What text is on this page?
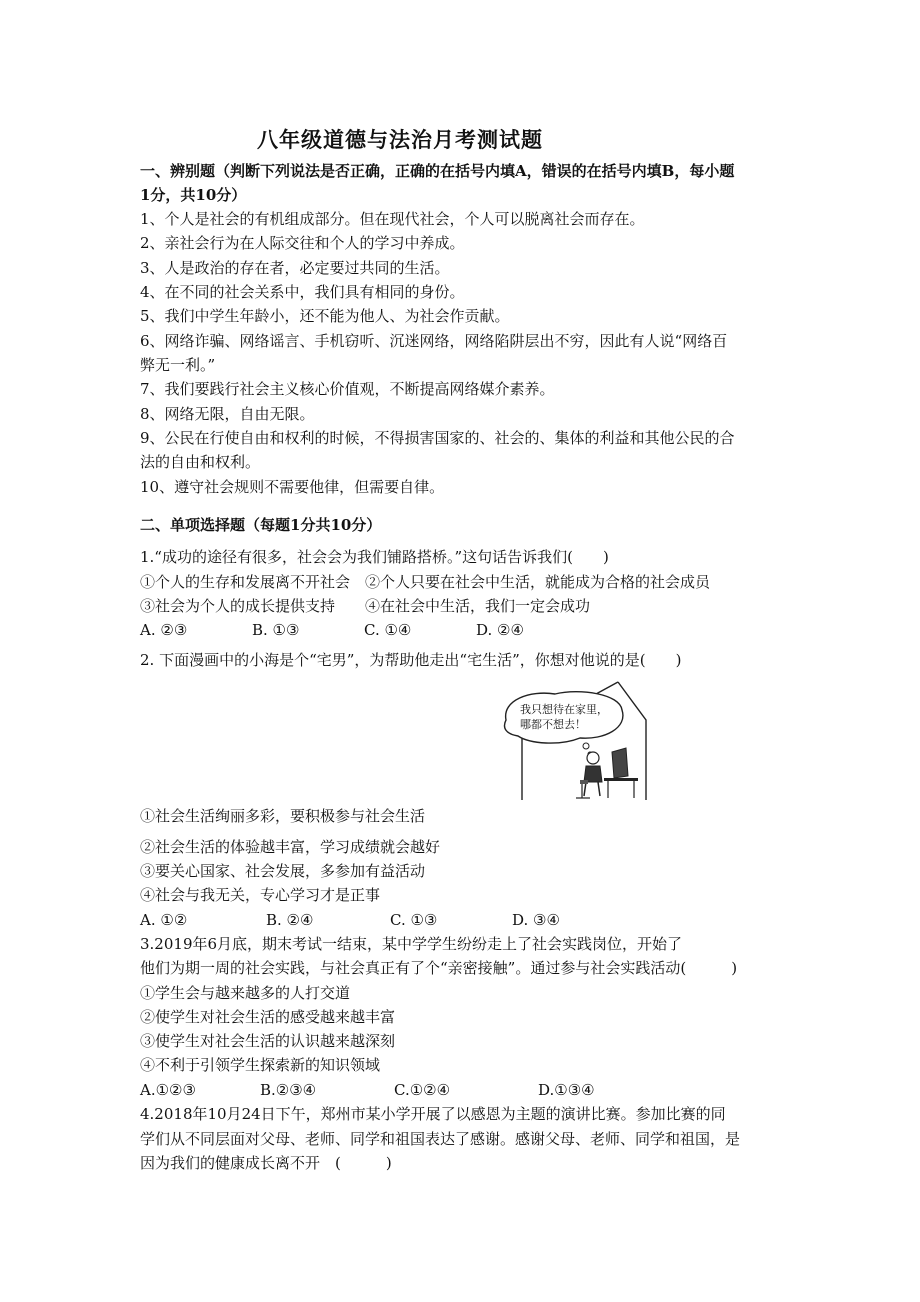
八年级道德与法治月考测试题
一、辨别题（判断下列说法是否正确，正确的在括号内填A，错误的在括号内填B，每小题
1分，共10分）
1、个人是社会的有机组成部分。但在现代社会，个人可以脱离社会而存在。
2、亲社会行为在人际交往和个人的学习中养成。
3、人是政治的存在者，必定要过共同的生活。
4、在不同的社会关系中，我们具有相同的身份。
5、我们中学生年龄小，还不能为他人、为社会作贡献。
6、网络诈骗、网络谣言、手机窃听、沉迷网络，网络陷阱层出不穷，因此有人说“网络百
弊无一利。”
7、我们要践行社会主义核心价值观，不断提高网络媒介素养。
8、网络无限，自由无限。
9、公民在行使自由和权利的时候，不得损害国家的、社会的、集体的利益和其他公民的合
法的自由和权利。
10、遵守社会规则不需要他律，但需要自律。
二、单项选择题（每题1分共10分）
1.“成功的途径有很多，社会会为我们铺路搭桥。”这句话告诉我们(　　)
①个人的生存和发展离不开社会　②个人只要在社会中生活，就能成为合格的社会成员
③社会为个人的成长提供支持　　④在社会中生活，我们一定会成功
A. ②③	B. ①③	C. ①④	D. ②④
2. 下面漫画中的小海是个“宅男”，为帮助他走出“宅生活”，你想对他说的是(　　)
我只想待在家里，
哪都不想去！
①社会生活绚丽多彩，要积极参与社会生活
②社会生活的体验越丰富，学习成绩就会越好
③要关心国家、社会发展，多参加有益活动
④社会与我无关，专心学习才是正事
A. ①②	B. ②④	C. ①③	D. ③④
3.2019年6月底，期末考试一结束，某中学学生纷纷走上了社会实践岗位，开始了
他们为期一周的社会实践，与社会真正有了个“亲密接触”。通过参与社会实践活动(　　　)
①学生会与越来越多的人打交道
②使学生对社会生活的感受越来越丰富
③使学生对社会生活的认识越来越深刻
④不利于引领学生探索新的知识领域
A.①②③	B.②③④	C.①②④	D.①③④
4.2018年10月24日下午，郑州市某小学开展了以感恩为主题的演讲比赛。参加比赛的同
学们从不同层面对父母、老师、同学和祖国表达了感谢。感谢父母、老师、同学和祖国，是
因为我们的健康成长离不开　(　　　)
